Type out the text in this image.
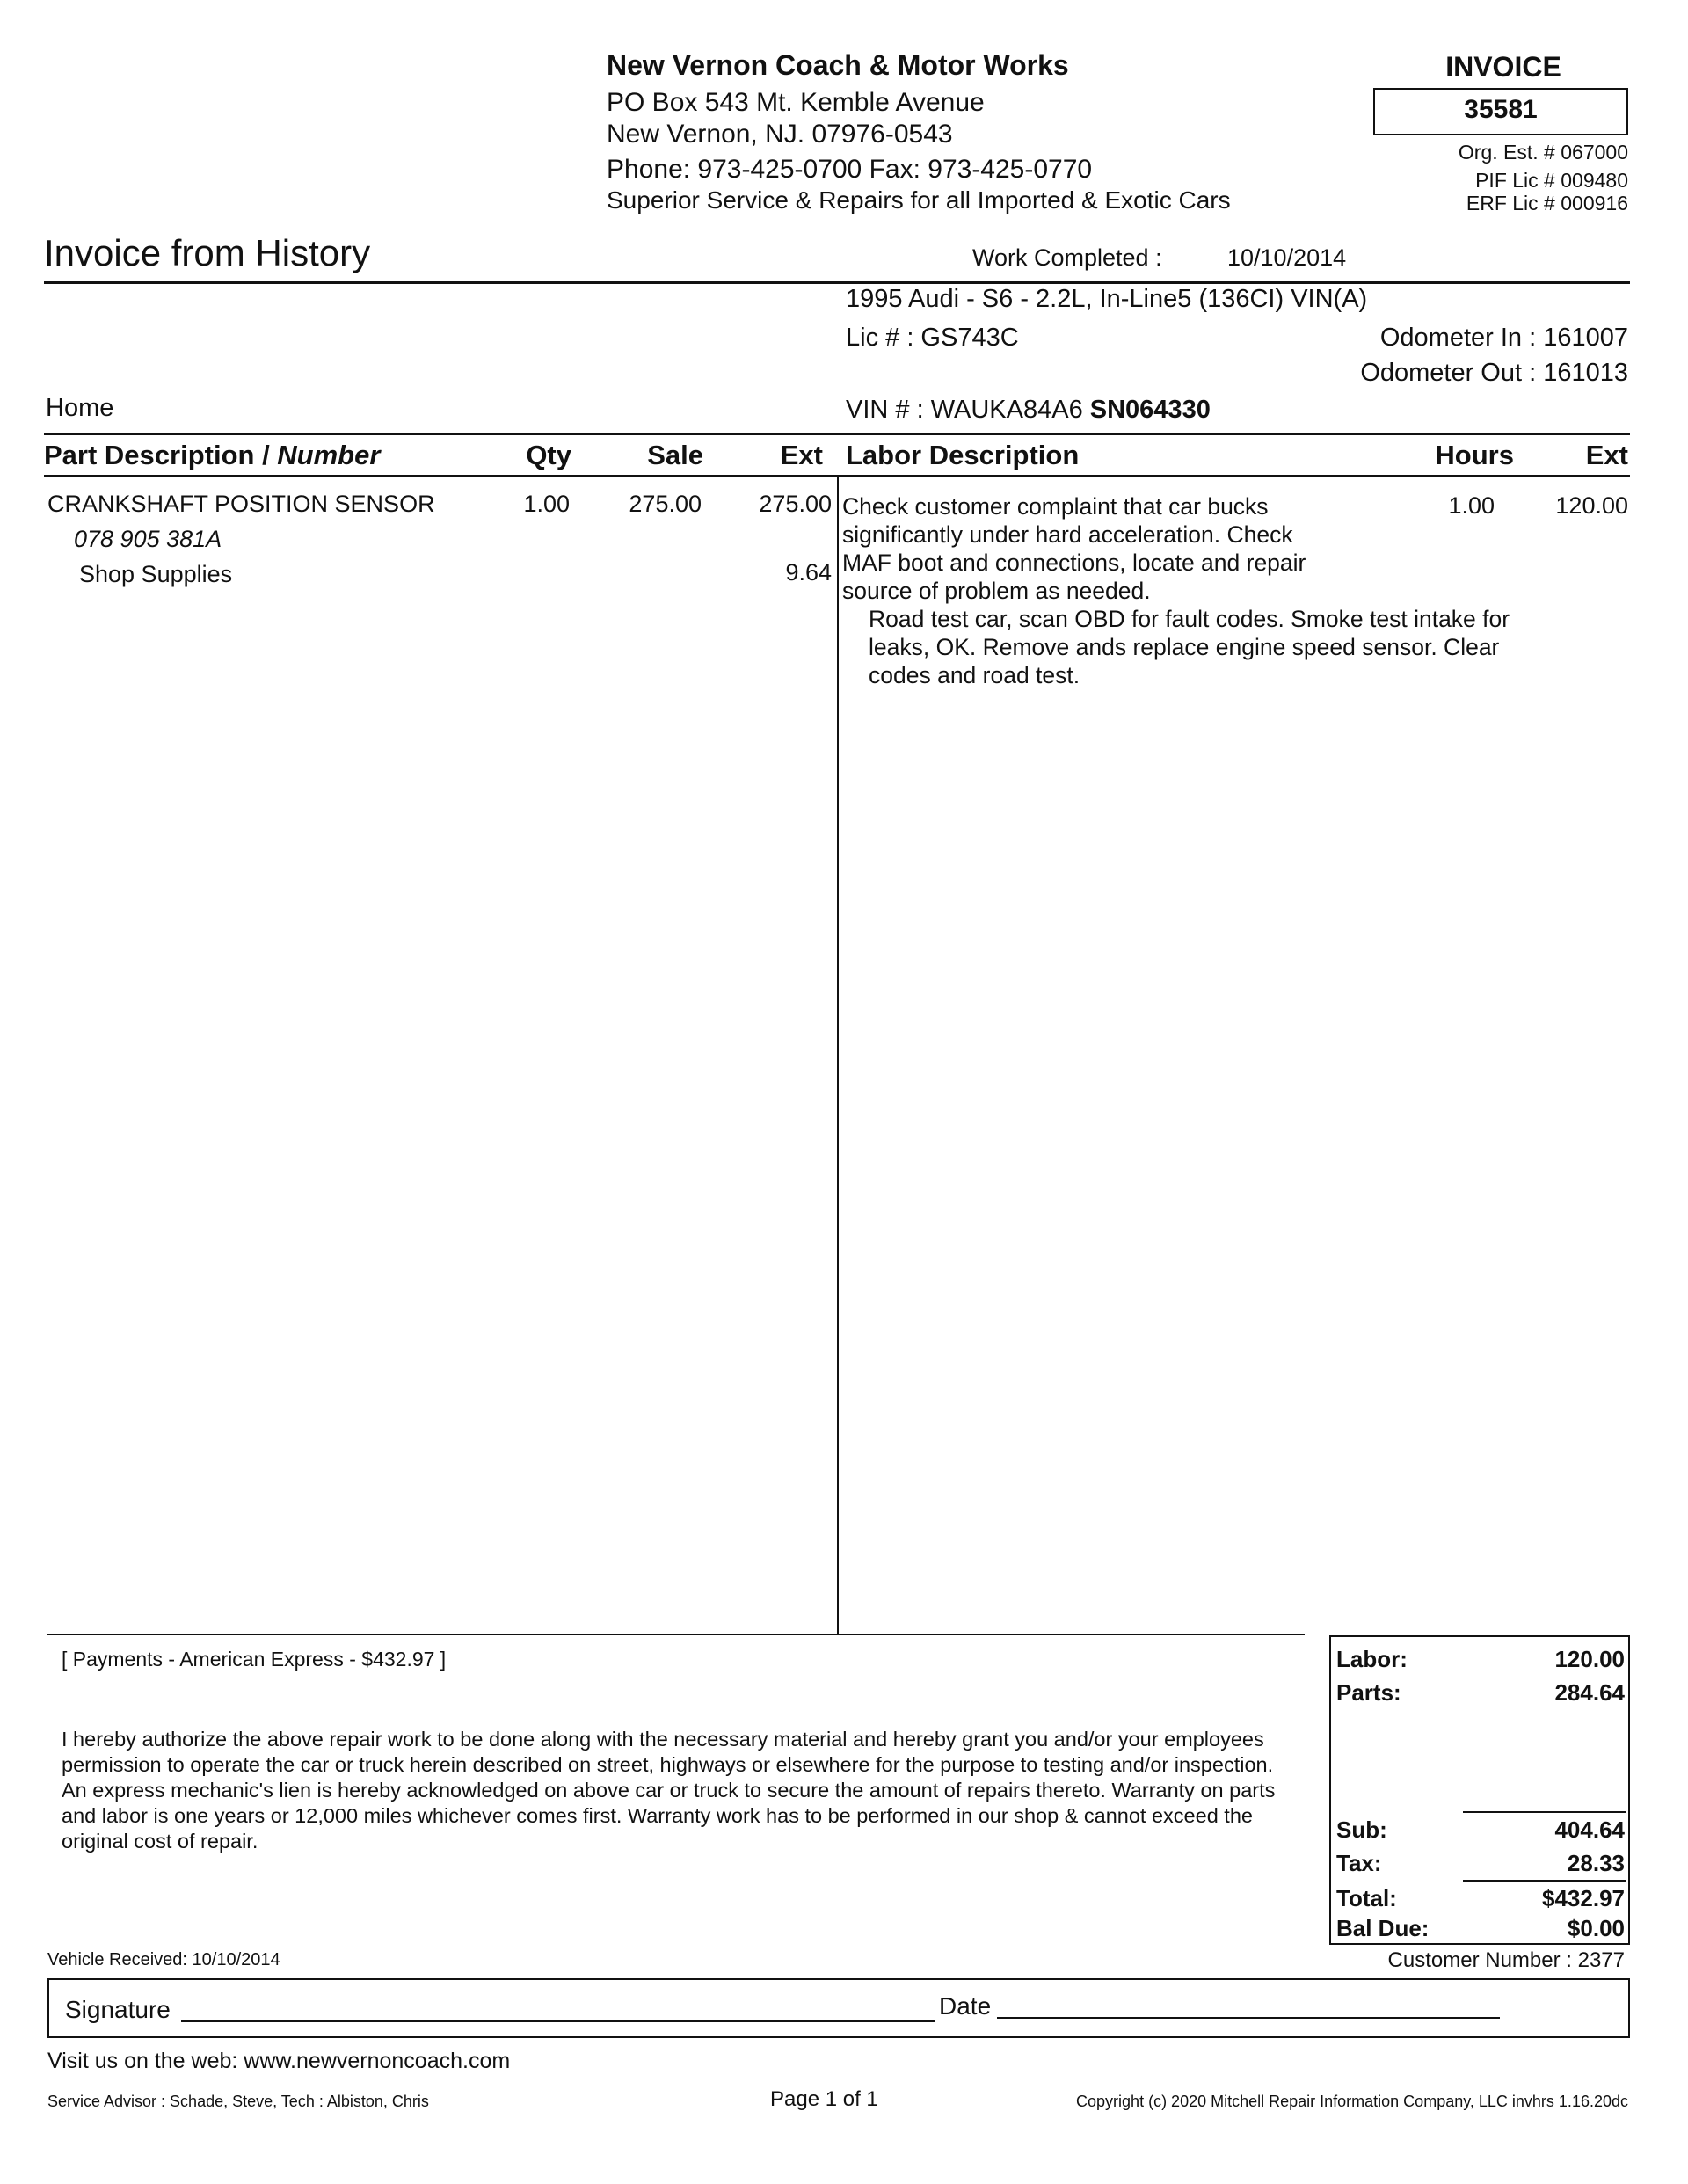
New Vernon Coach & Motor Works
PO Box 543 Mt. Kemble Avenue
New Vernon, NJ. 07976-0543
Phone: 973-425-0700 Fax: 973-425-0770
Superior Service & Repairs for all Imported & Exotic Cars
INVOICE
35581
Org. Est. # 067000
PIF Lic # 009480
ERF Lic # 000916
Invoice from History	Work Completed :	10/10/2014
1995 Audi - S6 - 2.2L, In-Line5 (136CI) VIN(A)
Lic # : GS743C	Odometer In : 161007
Odometer Out : 161013
VIN # : WAUKA84A6 SN064330
Home
Part Description / Number	Qty	Sale	Ext Labor Description	Hours	Ext
CRANKSHAFT POSITION SENSOR
078 905 381A
1.00	275.00	275.00
Shop Supplies	9.64
Check customer complaint that car bucks
significantly under hard acceleration. Check
MAF boot and connections, locate and repair
source of problem as needed.
Road test car, scan OBD for fault codes. Smoke test intake for
leaks, OK. Remove ands replace engine speed sensor. Clear
codes and road test.
1.00	120.00
[ Payments - American Express - $432.97 ]
I hereby authorize the above repair work to be done along with the necessary material and hereby grant you and/or your employees permission to operate the car or truck herein described on street, highways or elsewhere for the purpose to testing and/or inspection. An express mechanic's lien is hereby acknowledged on above car or truck to secure the amount of repairs thereto. Warranty on parts and labor is one years or 12,000 miles whichever comes first. Warranty work has to be performed in our shop & cannot exceed the original cost of repair.
Labor:	120.00
Parts:	284.64
Sub:	404.64
Tax:	28.33
Total:	$432.97
Bal Due:	$0.00
Vehicle Received: 10/10/2014	Customer Number : 2377
Signature	Date
Visit us on the web: www.newvernoncoach.com
Service Advisor : Schade, Steve, Tech : Albiston, Chris	Page 1 of 1	Copyright (c) 2020 Mitchell Repair Information Company, LLC invhrs 1.16.20dc
